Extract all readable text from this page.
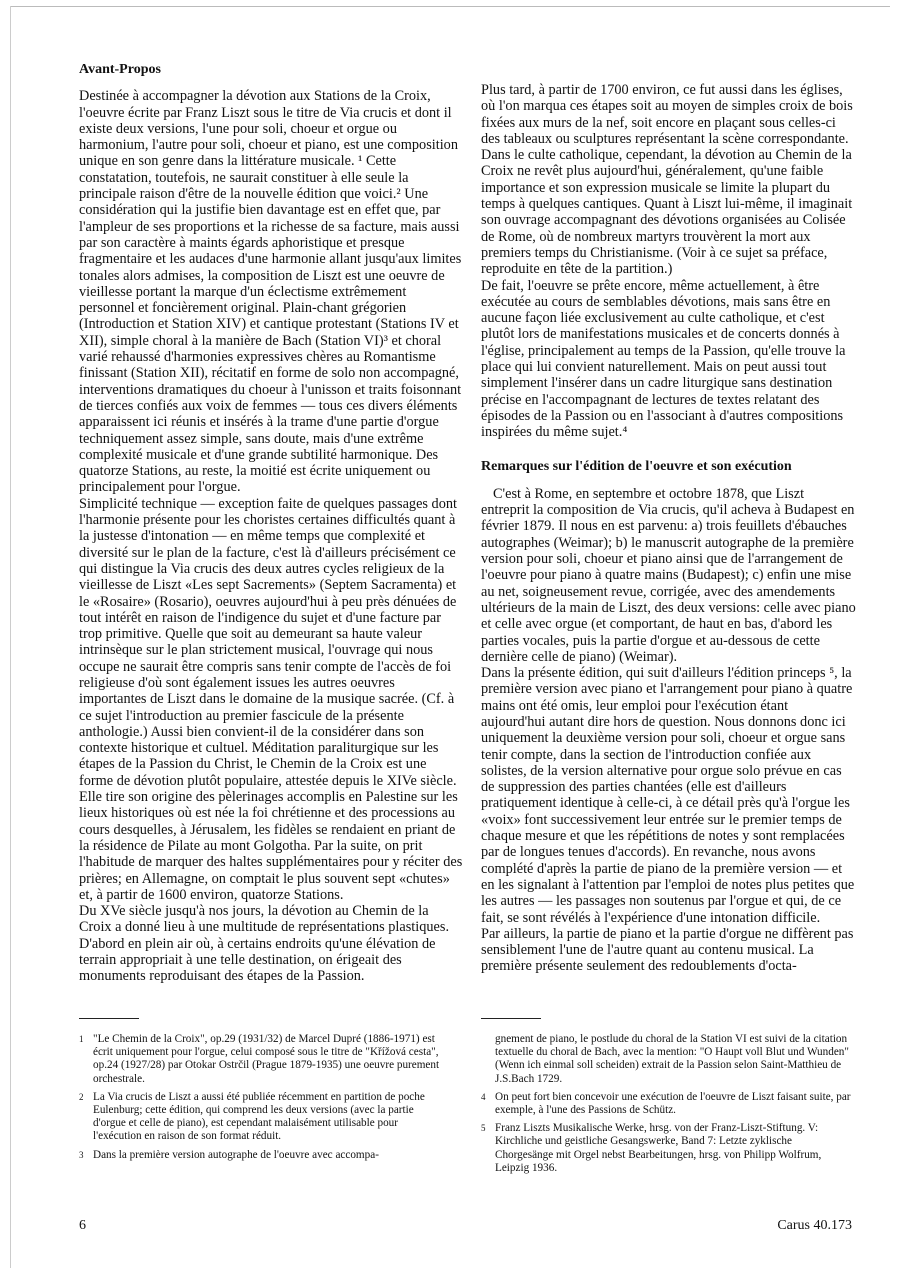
Avant-Propos

Destinée à accompagner la dévotion aux Stations de la Croix, l'oeuvre écrite par Franz Liszt sous le titre de Via crucis et dont il existe deux versions, l'une pour soli, choeur et orgue ou harmonium, l'autre pour soli, choeur et piano, est une composition unique en son genre dans la littérature musicale. ¹ Cette constatation, toutefois, ne saurait constituer à elle seule la principale raison d'être de la nouvelle édition que voici.² Une considération qui la justifie bien davantage est en effet que, par l'ampleur de ses proportions et la richesse de sa facture, mais aussi par son caractère à maints égards aphoristique et presque fragmentaire et les audaces d'une harmonie allant jusqu'aux limites tonales alors admises, la composition de Liszt est une oeuvre de vieillesse portant la marque d'un éclectisme extrêmement personnel et foncièrement original. Plain-chant grégorien (Introduction et Station XIV) et cantique protestant (Stations IV et XII), simple choral à la manière de Bach (Station VI)³ et choral varié rehaussé d'harmonies expressives chères au Romantisme finissant (Station XII), récitatif en forme de solo non accompagné, interventions dramatiques du choeur à l'unisson et traits foisonnant de tierces confiés aux voix de femmes — tous ces divers éléments apparaissent ici réunis et insérés à la trame d'une partie d'orgue techniquement assez simple, sans doute, mais d'une extrême complexité musicale et d'une grande subtilité harmonique. Des quatorze Stations, au reste, la moitié est écrite uniquement ou principalement pour l'orgue.

Simplicité technique — exception faite de quelques passages dont l'harmonie présente pour les choristes certaines difficultés quant à la justesse d'intonation — en même temps que complexité et diversité sur le plan de la facture, c'est là d'ailleurs précisément ce qui distingue la Via crucis des deux autres cycles religieux de la vieillesse de Liszt «Les sept Sacrements» (Septem Sacramenta) et le «Rosaire» (Rosario), oeuvres aujourd'hui à peu près dénuées de tout intérêt en raison de l'indigence du sujet et d'une facture par trop primitive. Quelle que soit au demeurant sa haute valeur intrinsèque sur le plan strictement musical, l'ouvrage qui nous occupe ne saurait être compris sans tenir compte de l'accès de foi religieuse d'où sont également issues les autres oeuvres importantes de Liszt dans le domaine de la musique sacrée. (Cf. à ce sujet l'introduction au premier fascicule de la présente anthologie.) Aussi bien convient-il de la considérer dans son contexte historique et cultuel. Méditation paraliturgique sur les étapes de la Passion du Christ, le Chemin de la Croix est une forme de dévotion plutôt populaire, attestée depuis le XIVe siècle. Elle tire son origine des pèlerinages accomplis en Palestine sur les lieux historiques où est née la foi chrétienne et des processions au cours desquelles, à Jérusalem, les fidèles se rendaient en priant de la résidence de Pilate au mont Golgotha. Par la suite, on prit l'habitude de marquer des haltes supplémentaires pour y réciter des prières; en Allemagne, on comptait le plus souvent sept «chutes» et, à partir de 1600 environ, quatorze Stations.

Du XVe siècle jusqu'à nos jours, la dévotion au Chemin de la Croix a donné lieu à une multitude de représentations plastiques. D'abord en plein air où, à certains endroits qu'une élévation de terrain appropriait à une telle destination, on érigeait des monuments reproduisant des étapes de la Passion.

Plus tard, à partir de 1700 environ, ce fut aussi dans les églises, où l'on marqua ces étapes soit au moyen de simples croix de bois fixées aux murs de la nef, soit encore en plaçant sous celles-ci des tableaux ou sculptures représentant la scène correspondante. Dans le culte catholique, cependant, la dévotion au Chemin de la Croix ne revêt plus aujourd'hui, généralement, qu'une faible importance et son expression musicale se limite la plupart du temps à quelques cantiques. Quant à Liszt lui-même, il imaginait son ouvrage accompagnant des dévotions organisées au Colisée de Rome, où de nombreux martyrs trouvèrent la mort aux premiers temps du Christianisme. (Voir à ce sujet sa préface, reproduite en tête de la partition.)

De fait, l'oeuvre se prête encore, même actuellement, à être exécutée au cours de semblables dévotions, mais sans être en aucune façon liée exclusivement au culte catholique, et c'est plutôt lors de manifestations musicales et de concerts donnés à l'église, principalement au temps de la Passion, qu'elle trouve la place qui lui convient naturellement. Mais on peut aussi tout simplement l'insérer dans un cadre liturgique sans destination précise en l'accompagnant de lectures de textes relatant des épisodes de la Passion ou en l'associant à d'autres compositions inspirées du même sujet.⁴

Remarques sur l'édition de l'oeuvre et son exécution

C'est à Rome, en septembre et octobre 1878, que Liszt entreprit la composition de Via crucis, qu'il acheva à Budapest en février 1879. Il nous en est parvenu: a) trois feuillets d'ébauches autographes (Weimar); b) le manuscrit autographe de la première version pour soli, choeur et piano ainsi que de l'arrangement de l'oeuvre pour piano à quatre mains (Budapest); c) enfin une mise au net, soigneusement revue, corrigée, avec des amendements ultérieurs de la main de Liszt, des deux versions: celle avec piano et celle avec orgue (et comportant, de haut en bas, d'abord les parties vocales, puis la partie d'orgue et au-dessous de cette dernière celle de piano) (Weimar).

Dans la présente édition, qui suit d'ailleurs l'édition princeps ⁵, la première version avec piano et l'arrangement pour piano à quatre mains ont été omis, leur emploi pour l'exécution étant aujourd'hui autant dire hors de question. Nous donnons donc ici uniquement la deuxième version pour soli, choeur et orgue sans tenir compte, dans la section de l'introduction confiée aux solistes, de la version alternative pour orgue solo prévue en cas de suppression des parties chantées (elle est d'ailleurs pratiquement identique à celle-ci, à ce détail près qu'à l'orgue les «voix» font successivement leur entrée sur le premier temps de chaque mesure et que les répétitions de notes y sont remplacées par de longues tenues d'accords). En revanche, nous avons complété d'après la partie de piano de la première version — et en les signalant à l'attention par l'emploi de notes plus petites que les autres — les passages non soutenus par l'orgue et qui, de ce fait, se sont révélés à l'expérience d'une intonation difficile.

Par ailleurs, la partie de piano et la partie d'orgue ne diffèrent pas sensiblement l'une de l'autre quant au contenu musical. La première présente seulement des redoublements d'octa-

1 "Le Chemin de la Croix", op.29 (1931/32) de Marcel Dupré (1886-1971) est écrit uniquement pour l'orgue, celui composé sous le titre de "Křížová cesta", op.24 (1927/28) par Otokar Ostrčil (Prague 1879-1935) une oeuvre purement orchestrale.
2 La Via crucis de Liszt a aussi été publiée récemment en partition de poche Eulenburg; cette édition, qui comprend les deux versions (avec la partie d'orgue et celle de piano), est cependant malaisément utilisable pour l'exécution en raison de son format réduit.
3 Dans la première version autographe de l'oeuvre avec accompa-
gnement de piano, le postlude du choral de la Station VI est suivi de la citation textuelle du choral de Bach, avec la mention: "O Haupt voll Blut und Wunden" (Wenn ich einmal soll scheiden) extrait de la Passion selon Saint-Matthieu de J.S.Bach 1729.
4 On peut fort bien concevoir une exécution de l'oeuvre de Liszt faisant suite, par exemple, à l'une des Passions de Schütz.
5 Franz Liszts Musikalische Werke, hrsg. von der Franz-Liszt-Stiftung. V: Kirchliche und geistliche Gesangswerke, Band 7: Letzte zyklische Chorgesänge mit Orgel nebst Bearbeitungen, hrsg. von Philipp Wolfrum, Leipzig 1936.
6	Carus 40.173
